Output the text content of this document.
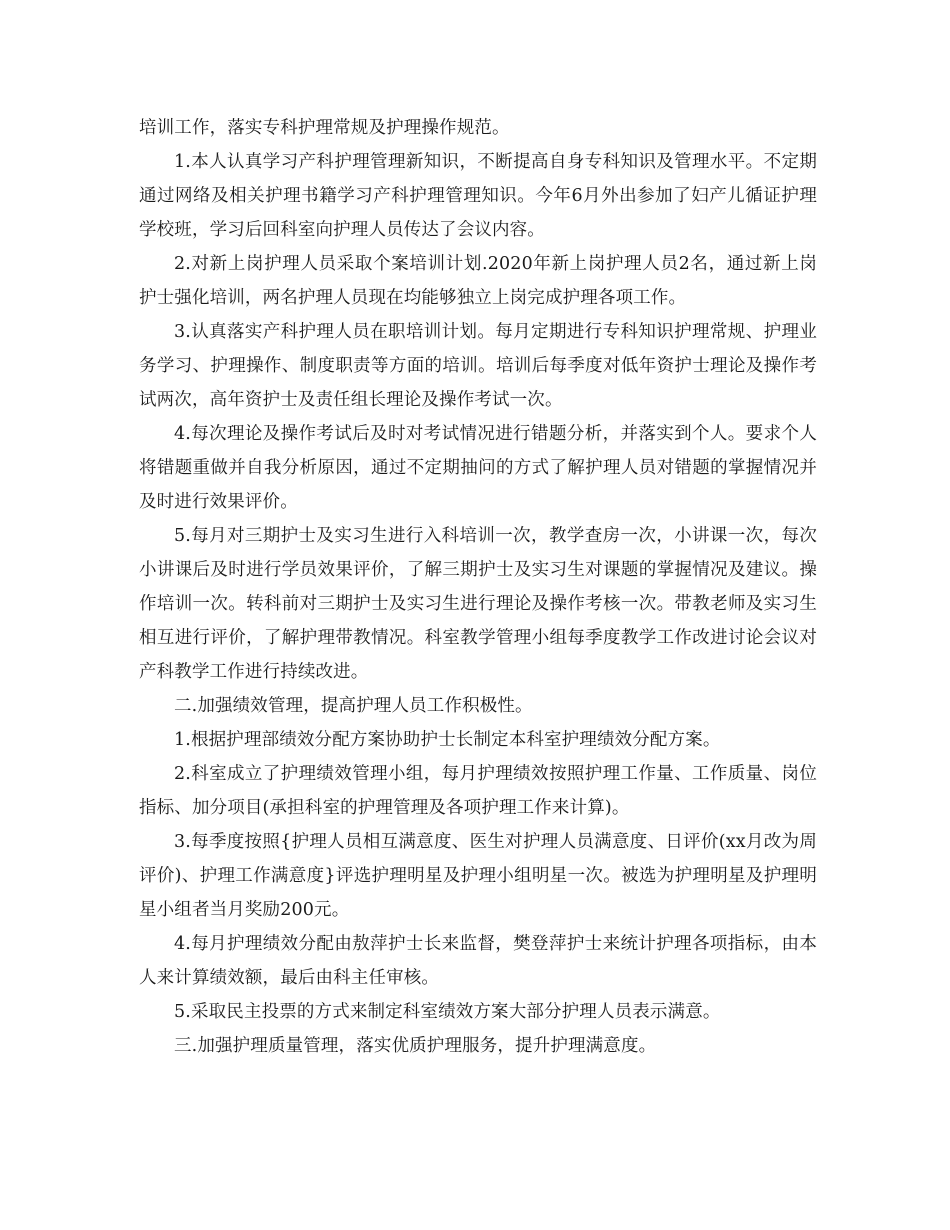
培训工作，落实专科护理常规及护理操作规范。

1.本人认真学习产科护理管理新知识，不断提高自身专科知识及管理水平。不定期通过网络及相关护理书籍学习产科护理管理知识。今年6月外出参加了妇产儿循证护理学校班，学习后回科室向护理人员传达了会议内容。

2.对新上岗护理人员采取个案培训计划.2020年新上岗护理人员2名，通过新上岗护士强化培训，两名护理人员现在均能够独立上岗完成护理各项工作。

3.认真落实产科护理人员在职培训计划。每月定期进行专科知识护理常规、护理业务学习、护理操作、制度职责等方面的培训。培训后每季度对低年资护士理论及操作考试两次，高年资护士及责任组长理论及操作考试一次。

4.每次理论及操作考试后及时对考试情况进行错题分析，并落实到个人。要求个人将错题重做并自我分析原因，通过不定期抽问的方式了解护理人员对错题的掌握情况并及时进行效果评价。

5.每月对三期护士及实习生进行入科培训一次，教学查房一次，小讲课一次，每次小讲课后及时进行学员效果评价，了解三期护士及实习生对课题的掌握情况及建议。操作培训一次。转科前对三期护士及实习生进行理论及操作考核一次。带教老师及实习生相互进行评价，了解护理带教情况。科室教学管理小组每季度教学工作改进讨论会议对产科教学工作进行持续改进。

二.加强绩效管理，提高护理人员工作积极性。

1.根据护理部绩效分配方案协助护士长制定本科室护理绩效分配方案。

2.科室成立了护理绩效管理小组，每月护理绩效按照护理工作量、工作质量、岗位指标、加分项目(承担科室的护理管理及各项护理工作来计算)。

3.每季度按照{护理人员相互满意度、医生对护理人员满意度、日评价(xx月改为周评价)、护理工作满意度}评选护理明星及护理小组明星一次。被选为护理明星及护理明星小组者当月奖励200元。

4.每月护理绩效分配由敖萍护士长来监督，樊登萍护士来统计护理各项指标，由本人来计算绩效额，最后由科主任审核。

5.采取民主投票的方式来制定科室绩效方案大部分护理人员表示满意。

三.加强护理质量管理，落实优质护理服务，提升护理满意度。
